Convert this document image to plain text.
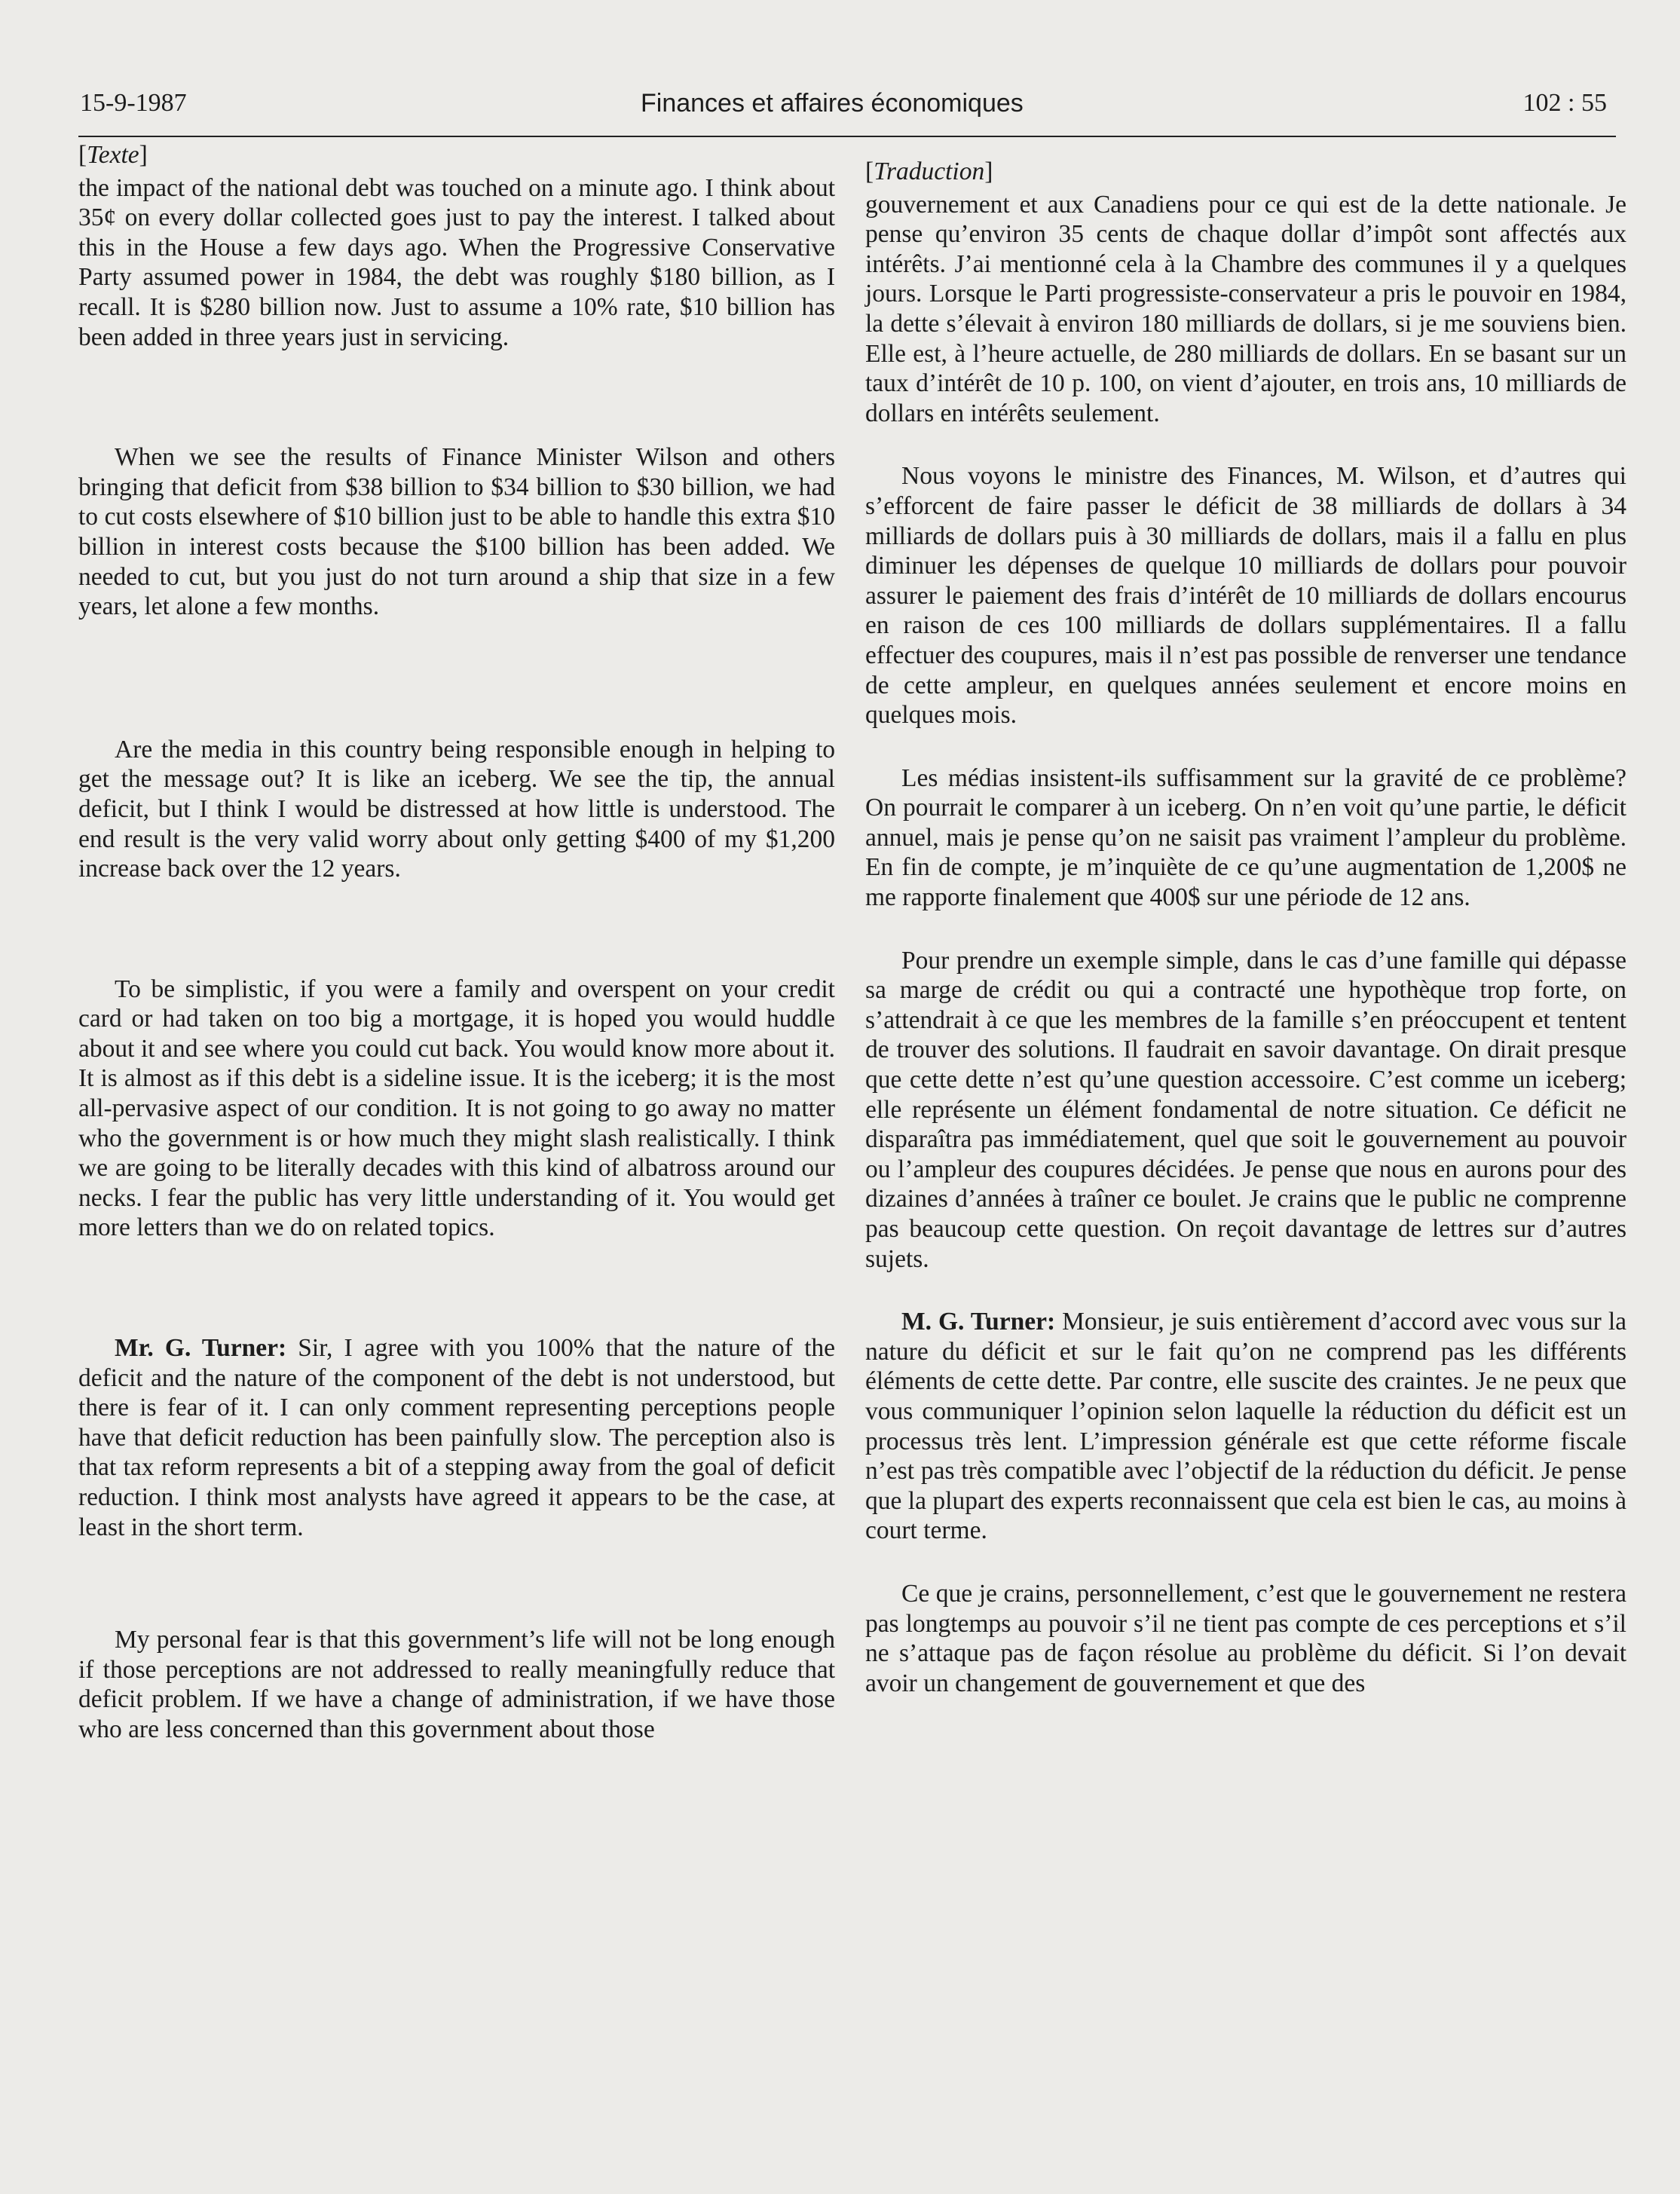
15-9-1987	Finances et affaires économiques	102 : 55
[Texte]

the impact of the national debt was touched on a minute ago. I think about 35¢ on every dollar collected goes just to pay the interest. I talked about this in the House a few days ago. When the Progressive Conservative Party assumed power in 1984, the debt was roughly $180 billion, as I recall. It is $280 billion now. Just to assume a 10% rate, $10 billion has been added in three years just in servicing.

When we see the results of Finance Minister Wilson and others bringing that deficit from $38 billion to $34 billion to $30 billion, we had to cut costs elsewhere of $10 billion just to be able to handle this extra $10 billion in interest costs because the $100 billion has been added. We needed to cut, but you just do not turn around a ship that size in a few years, let alone a few months.

Are the media in this country being responsible enough in helping to get the message out? It is like an iceberg. We see the tip, the annual deficit, but I think I would be distressed at how little is understood. The end result is the very valid worry about only getting $400 of my $1,200 increase back over the 12 years.

To be simplistic, if you were a family and overspent on your credit card or had taken on too big a mortgage, it is hoped you would huddle about it and see where you could cut back. You would know more about it. It is almost as if this debt is a sideline issue. It is the iceberg; it is the most all-pervasive aspect of our condition. It is not going to go away no matter who the government is or how much they might slash realistically. I think we are going to be literally decades with this kind of albatross around our necks. I fear the public has very little understanding of it. You would get more letters than we do on related topics.

Mr. G. Turner: Sir, I agree with you 100% that the nature of the deficit and the nature of the component of the debt is not understood, but there is fear of it. I can only comment representing perceptions people have that deficit reduction has been painfully slow. The perception also is that tax reform represents a bit of a stepping away from the goal of deficit reduction. I think most analysts have agreed it appears to be the case, at least in the short term.

My personal fear is that this government’s life will not be long enough if those perceptions are not addressed to really meaningfully reduce that deficit problem. If we have a change of administration, if we have those who are less concerned than this government about those

[Traduction]

gouvernement et aux Canadiens pour ce qui est de la dette nationale. Je pense qu’environ 35 cents de chaque dollar d’impôt sont affectés aux intérêts. J’ai mentionné cela à la Chambre des communes il y a quelques jours. Lorsque le Parti progressiste-conservateur a pris le pouvoir en 1984, la dette s’élevait à environ 180 milliards de dollars, si je me souviens bien. Elle est, à l’heure actuelle, de 280 milliards de dollars. En se basant sur un taux d’intérêt de 10 p. 100, on vient d’ajouter, en trois ans, 10 milliards de dollars en intérêts seulement.

Nous voyons le ministre des Finances, M. Wilson, et d’autres qui s’efforcent de faire passer le déficit de 38 milliards de dollars à 34 milliards de dollars puis à 30 milliards de dollars, mais il a fallu en plus diminuer les dépenses de quelque 10 milliards de dollars pour pouvoir assurer le paiement des frais d’intérêt de 10 milliards de dollars encourus en raison de ces 100 milliards de dollars supplémentaires. Il a fallu effectuer des coupures, mais il n’est pas possible de renverser une tendance de cette ampleur, en quelques années seulement et encore moins en quelques mois.

Les médias insistent-ils suffisamment sur la gravité de ce problème? On pourrait le comparer à un iceberg. On n’en voit qu’une partie, le déficit annuel, mais je pense qu’on ne saisit pas vraiment l’ampleur du problème. En fin de compte, je m’inquiète de ce qu’une augmentation de 1,200$ ne me rapporte finalement que 400$ sur une période de 12 ans.

Pour prendre un exemple simple, dans le cas d’une famille qui dépasse sa marge de crédit ou qui a contracté une hypothèque trop forte, on s’attendrait à ce que les membres de la famille s’en préoccupent et tentent de trouver des solutions. Il faudrait en savoir davantage. On dirait presque que cette dette n’est qu’une question accessoire. C’est comme un iceberg; elle représente un élément fondamental de notre situation. Ce déficit ne disparaîtra pas immédiatement, quel que soit le gouvernement au pouvoir ou l’ampleur des coupures décidées. Je pense que nous en aurons pour des dizaines d’années à traîner ce boulet. Je crains que le public ne comprenne pas beaucoup cette question. On reçoit davantage de lettres sur d’autres sujets.

M. G. Turner: Monsieur, je suis entièrement d’accord avec vous sur la nature du déficit et sur le fait qu’on ne comprend pas les différents éléments de cette dette. Par contre, elle suscite des craintes. Je ne peux que vous communiquer l’opinion selon laquelle la réduction du déficit est un processus très lent. L’impression générale est que cette réforme fiscale n’est pas très compatible avec l’objectif de la réduction du déficit. Je pense que la plupart des experts reconnaissent que cela est bien le cas, au moins à court terme.

Ce que je crains, personnellement, c’est que le gouvernement ne restera pas longtemps au pouvoir s’il ne tient pas compte de ces perceptions et s’il ne s’attaque pas de façon résolue au problème du déficit. Si l’on devait avoir un changement de gouvernement et que des
